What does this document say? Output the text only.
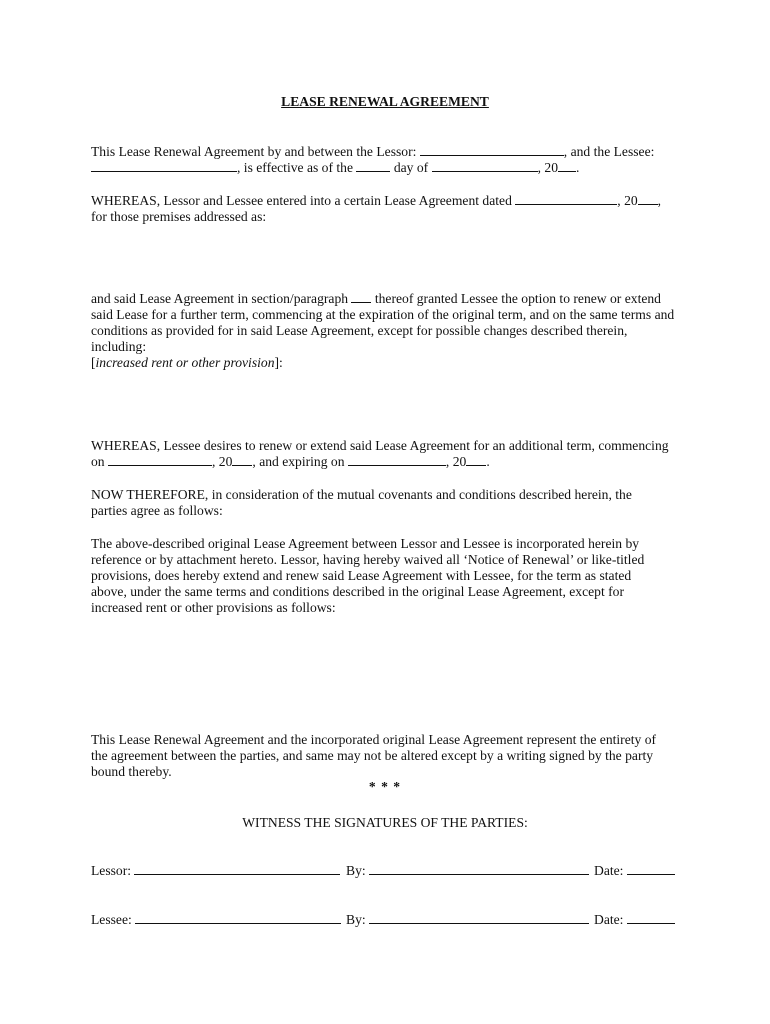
LEASE RENEWAL AGREEMENT
This Lease Renewal Agreement by and between the Lessor:	, and the Lessee:
, is effective as of the	day of	, 20 .
WHEREAS, Lessor and Lessee entered into a certain Lease Agreement dated	, 20 ,
for those premises addressed as:
and said Lease Agreement in section/paragraph thereof granted Lessee the option to renew or extend
said Lease for a further term, commencing at the expiration of the original term, and on the same terms and
conditions as provided for in said Lease Agreement, except for possible changes described therein,
including:
[increased rent or other provision]:
WHEREAS, Lessee desires to renew or extend said Lease Agreement for an additional term, commencing
on	, 20 , and expiring on	, 20 .
NOW THEREFORE, in consideration of the mutual covenants and conditions described herein, the
parties agree as follows:
The above-described original Lease Agreement between Lessor and Lessee is incorporated herein by
reference or by attachment hereto. Lessor, having hereby waived all ‘Notice of Renewal’ or like-titled
provisions, does hereby extend and renew said Lease Agreement with Lessee, for the term as stated
above, under the same terms and conditions described in the original Lease Agreement, except for
increased rent or other provisions as follows:
This Lease Renewal Agreement and the incorporated original Lease Agreement represent the entirety of
the agreement between the parties, and same may not be altered except by a writing signed by the party
bound thereby.
* * *
WITNESS THE SIGNATURES OF THE PARTIES:
Lessor:	By:	Date:
Lessee:	By:	Date:
